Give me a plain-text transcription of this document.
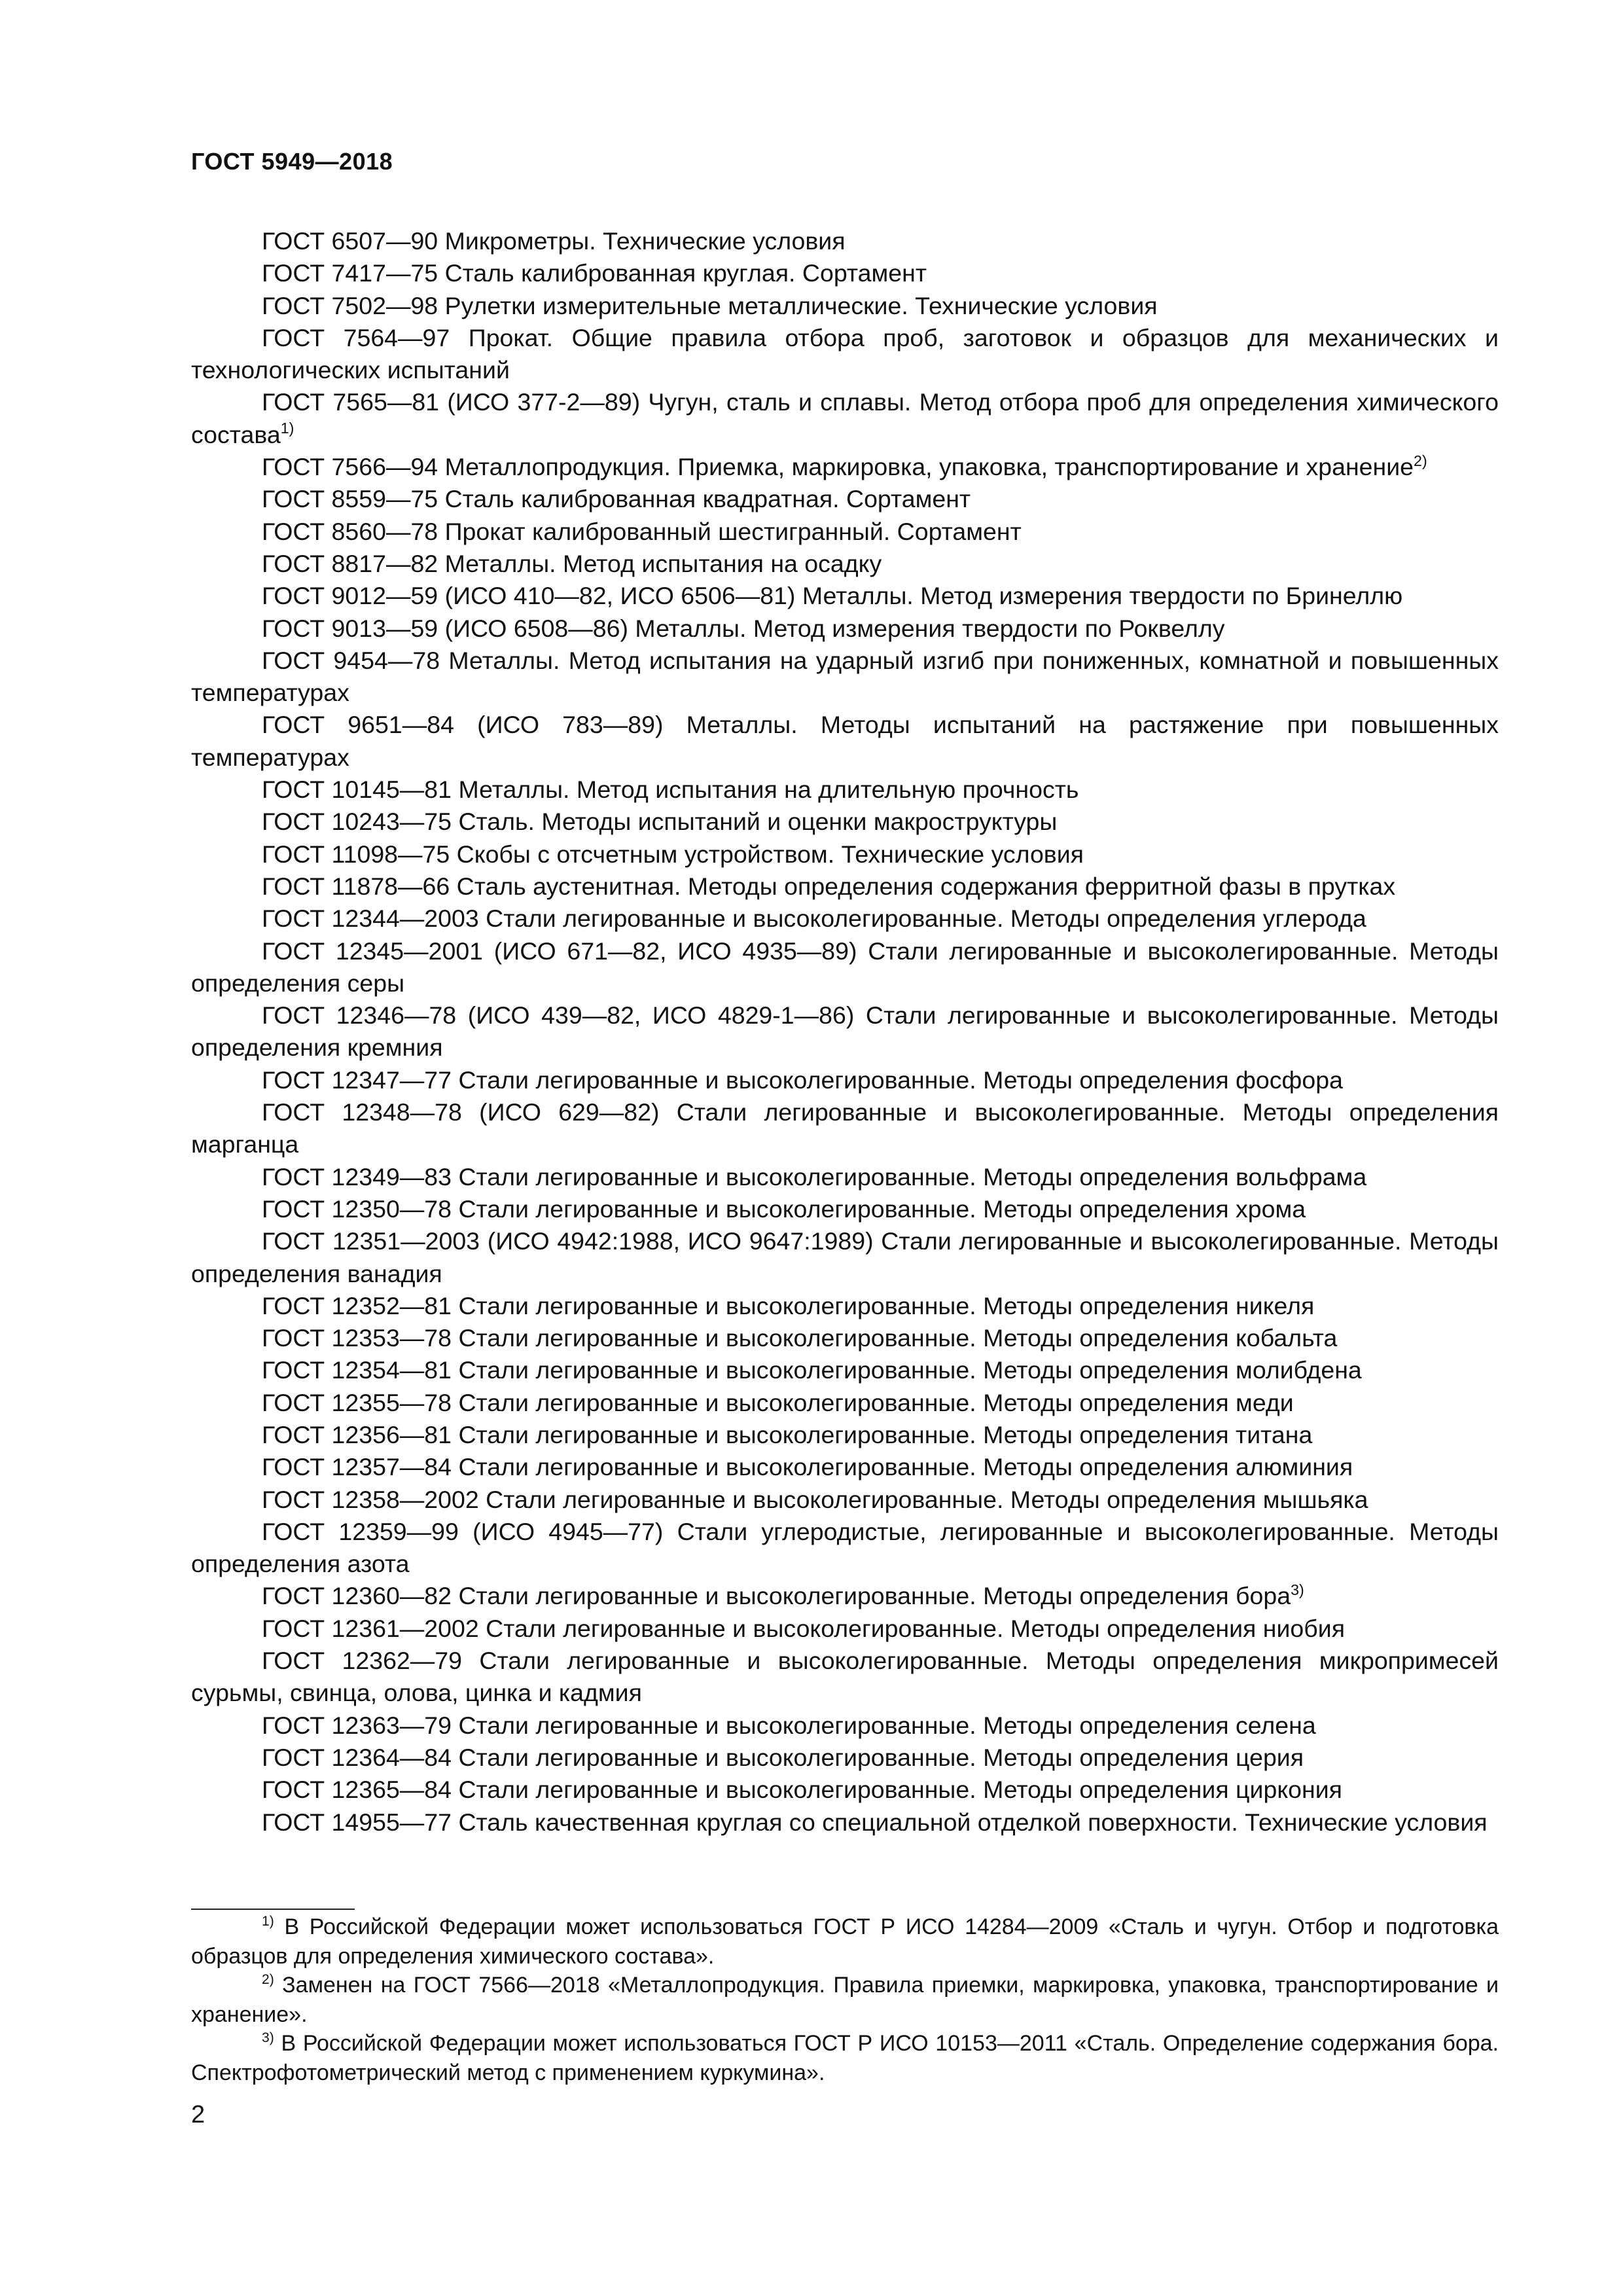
ГОСТ 5949—2018

ГОСТ 6507—90 Микрометры. Технические условия

ГОСТ 7417—75 Сталь калиброванная круглая. Сортамент

ГОСТ 7502—98 Рулетки измерительные металлические. Технические условия

ГОСТ 7564—97 Прокат. Общие правила отбора проб, заготовок и образцов для механических и технологических испытаний

ГОСТ 7565—81 (ИСО 377-2—89) Чугун, сталь и сплавы. Метод отбора проб для определения химического состава$^{1)}$

ГОСТ 7566—94 Металлопродукция. Приемка, маркировка, упаковка, транспортирование и хранение$^{2)}$

ГОСТ 8559—75 Сталь калиброванная квадратная. Сортамент

ГОСТ 8560—78 Прокат калиброванный шестигранный. Сортамент

ГОСТ 8817—82 Металлы. Метод испытания на осадку

ГОСТ 9012—59 (ИСО 410—82, ИСО 6506—81) Металлы. Метод измерения твердости по Бринеллю

ГОСТ 9013—59 (ИСО 6508—86) Металлы. Метод измерения твердости по Роквеллу

ГОСТ 9454—78 Металлы. Метод испытания на ударный изгиб при пониженных, комнатной и повышенных температурах

ГОСТ 9651—84 (ИСО 783—89) Металлы. Методы испытаний на растяжение при повышенных температурах

ГОСТ 10145—81 Металлы. Метод испытания на длительную прочность

ГОСТ 10243—75 Сталь. Методы испытаний и оценки макроструктуры

ГОСТ 11098—75 Скобы с отсчетным устройством. Технические условия

ГОСТ 11878—66 Сталь аустенитная. Методы определения содержания ферритной фазы в прутках

ГОСТ 12344—2003 Стали легированные и высоколегированные. Методы определения углерода

ГОСТ 12345—2001 (ИСО 671—82, ИСО 4935—89) Стали легированные и высоколегированные. Методы определения серы

ГОСТ 12346—78 (ИСО 439—82, ИСО 4829-1—86) Стали легированные и высоколегированные. Методы определения кремния

ГОСТ 12347—77 Стали легированные и высоколегированные. Методы определения фосфора

ГОСТ 12348—78 (ИСО 629—82) Стали легированные и высоколегированные. Методы определения марганца

ГОСТ 12349—83 Стали легированные и высоколегированные. Методы определения вольфрама

ГОСТ 12350—78 Стали легированные и высоколегированные. Методы определения хрома

ГОСТ 12351—2003 (ИСО 4942:1988, ИСО 9647:1989) Стали легированные и высоколегированные. Методы определения ванадия

ГОСТ 12352—81 Стали легированные и высоколегированные. Методы определения никеля

ГОСТ 12353—78 Стали легированные и высоколегированные. Методы определения кобальта

ГОСТ 12354—81 Стали легированные и высоколегированные. Методы определения молибдена

ГОСТ 12355—78 Стали легированные и высоколегированные. Методы определения меди

ГОСТ 12356—81 Стали легированные и высоколегированные. Методы определения титана

ГОСТ 12357—84 Стали легированные и высоколегированные. Методы определения алюминия

ГОСТ 12358—2002 Стали легированные и высоколегированные. Методы определения мышьяка

ГОСТ 12359—99 (ИСО 4945—77) Стали углеродистые, легированные и высоколегированные. Методы определения азота

ГОСТ 12360—82 Стали легированные и высоколегированные. Методы определения бора$^{3)}$

ГОСТ 12361—2002 Стали легированные и высоколегированные. Методы определения ниобия

ГОСТ 12362—79 Стали легированные и высоколегированные. Методы определения микропримесей сурьмы, свинца, олова, цинка и кадмия

ГОСТ 12363—79 Стали легированные и высоколегированные. Методы определения селена

ГОСТ 12364—84 Стали легированные и высоколегированные. Методы определения церия

ГОСТ 12365—84 Стали легированные и высоколегированные. Методы определения циркония

ГОСТ 14955—77 Сталь качественная круглая со специальной отделкой поверхности. Технические условия

$^{1)}$ В Российской Федерации может использоваться ГОСТ Р ИСО 14284—2009 «Сталь и чугун. Отбор и подготовка образцов для определения химического состава».

$^{2)}$ Заменен на ГОСТ 7566—2018 «Металлопродукция. Правила приемки, маркировка, упаковка, транспортирование и хранение».

$^{3)}$ В Российской Федерации может использоваться ГОСТ Р ИСО 10153—2011 «Сталь. Определение содержания бора. Спектрофотометрический метод с применением куркумина».

2
